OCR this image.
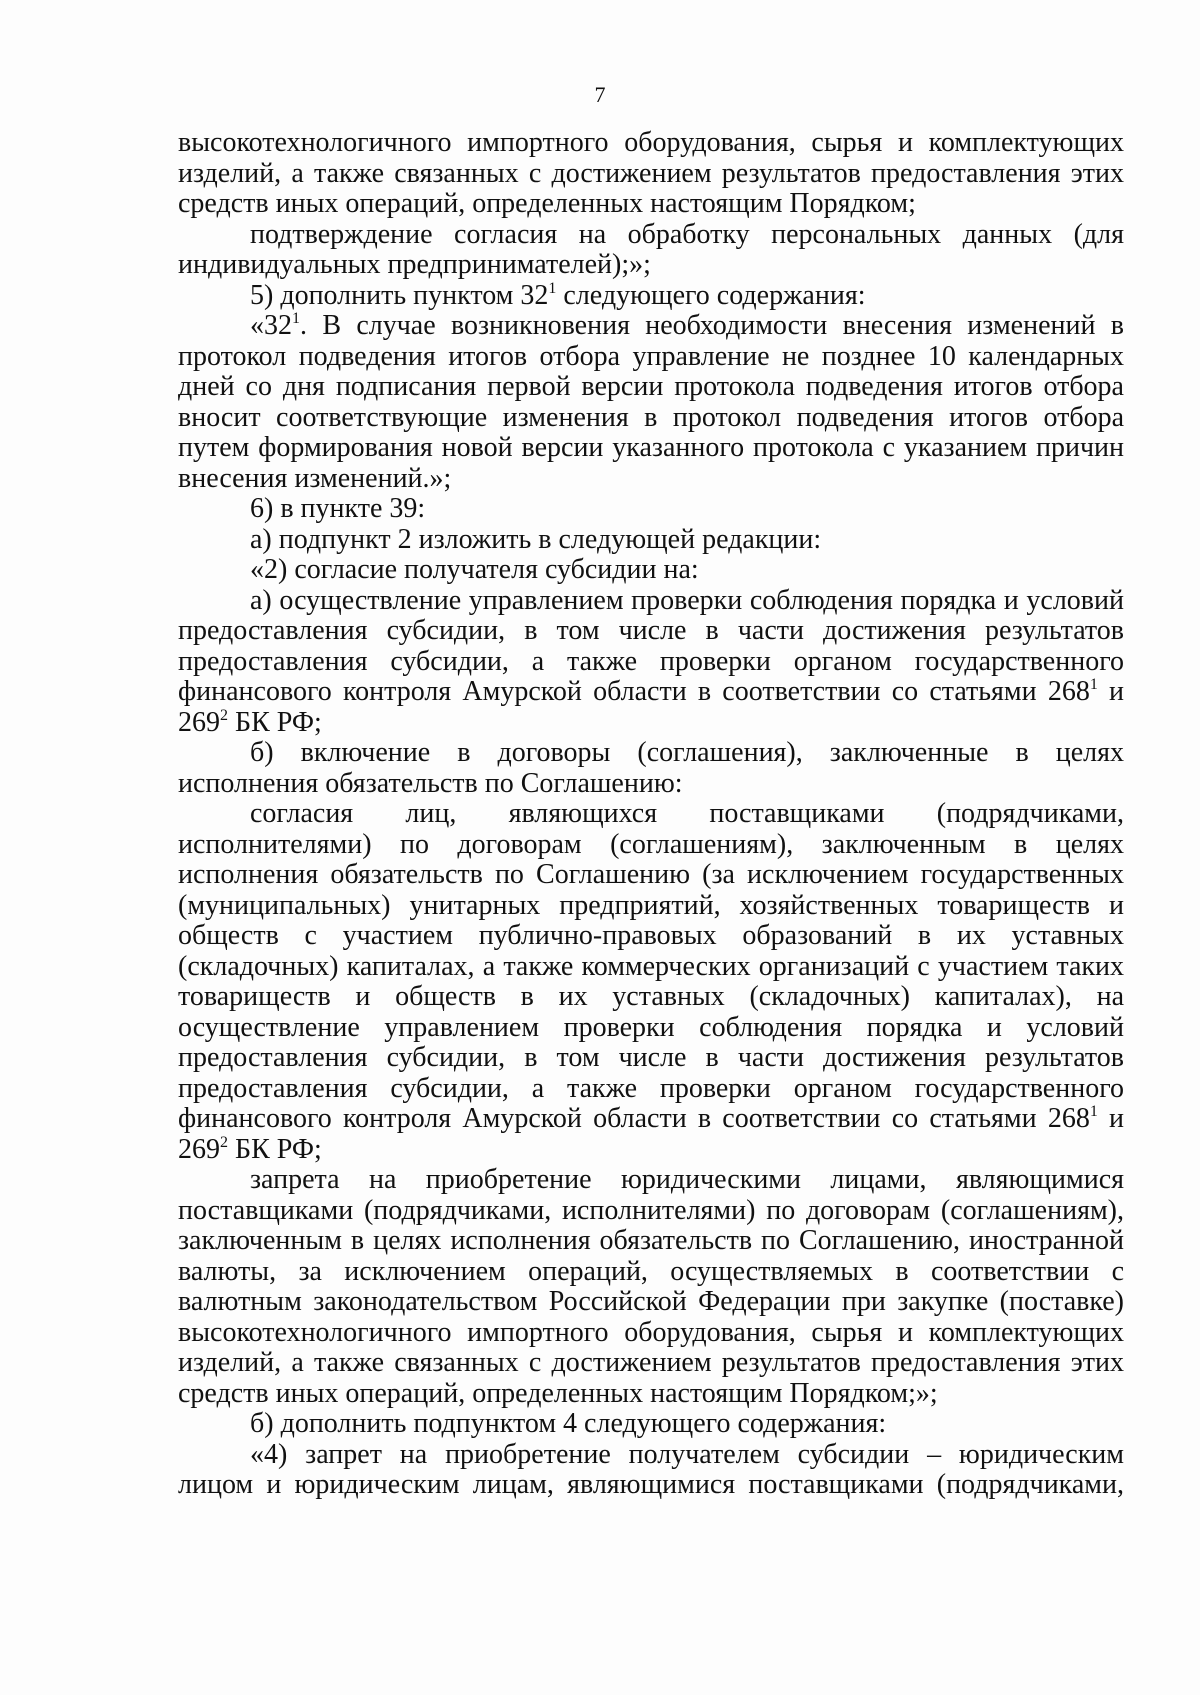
7

высокотехнологичного импортного оборудования, сырья и комплектующих изделий, а также связанных с достижением результатов предоставления этих средств иных операций, определенных настоящим Порядком;

подтверждение согласия на обработку персональных данных (для индивидуальных предпринимателей);»;

5) дополнить пунктом $32^1$ следующего содержания:

«$32^1$. В случае возникновения необходимости внесения изменений в протокол подведения итогов отбора управление не позднее 10 календарных дней со дня подписания первой версии протокола подведения итогов отбора вносит соответствующие изменения в протокол подведения итогов отбора путем формирования новой версии указанного протокола с указанием причин внесения изменений.»;

6) в пункте 39:

а) подпункт 2 изложить в следующей редакции:

«2) согласие получателя субсидии на:

а) осуществление управлением проверки соблюдения порядка и условий предоставления субсидии, в том числе в части достижения результатов предоставления субсидии, а также проверки органом государственного финансового контроля Амурской области в соответствии со статьями $268^1$ и $269^2$ БК РФ;

б) включение в договоры (соглашения), заключенные в целях исполнения обязательств по Соглашению:

согласия лиц, являющихся поставщиками (подрядчиками, исполнителями) по договорам (соглашениям), заключенным в целях исполнения обязательств по Соглашению (за исключением государственных (муниципальных) унитарных предприятий, хозяйственных товариществ и обществ с участием публично-правовых образований в их уставных (складочных) капиталах, а также коммерческих организаций с участием таких товариществ и обществ в их уставных (складочных) капиталах), на осуществление управлением проверки соблюдения порядка и условий предоставления субсидии, в том числе в части достижения результатов предоставления субсидии, а также проверки органом государственного финансового контроля Амурской области в соответствии со статьями $268^1$ и $269^2$ БК РФ;

запрета на приобретение юридическими лицами, являющимися поставщиками (подрядчиками, исполнителями) по договорам (соглашениям), заключенным в целях исполнения обязательств по Соглашению, иностранной валюты, за исключением операций, осуществляемых в соответствии с валютным законодательством Российской Федерации при закупке (поставке) высокотехнологичного импортного оборудования, сырья и комплектующих изделий, а также связанных с достижением результатов предоставления этих средств иных операций, определенных настоящим Порядком;»;

б) дополнить подпунктом 4 следующего содержания:

«4) запрет на приобретение получателем субсидии – юридическим лицом и юридическим лицам, являющимися поставщиками (подрядчиками,
